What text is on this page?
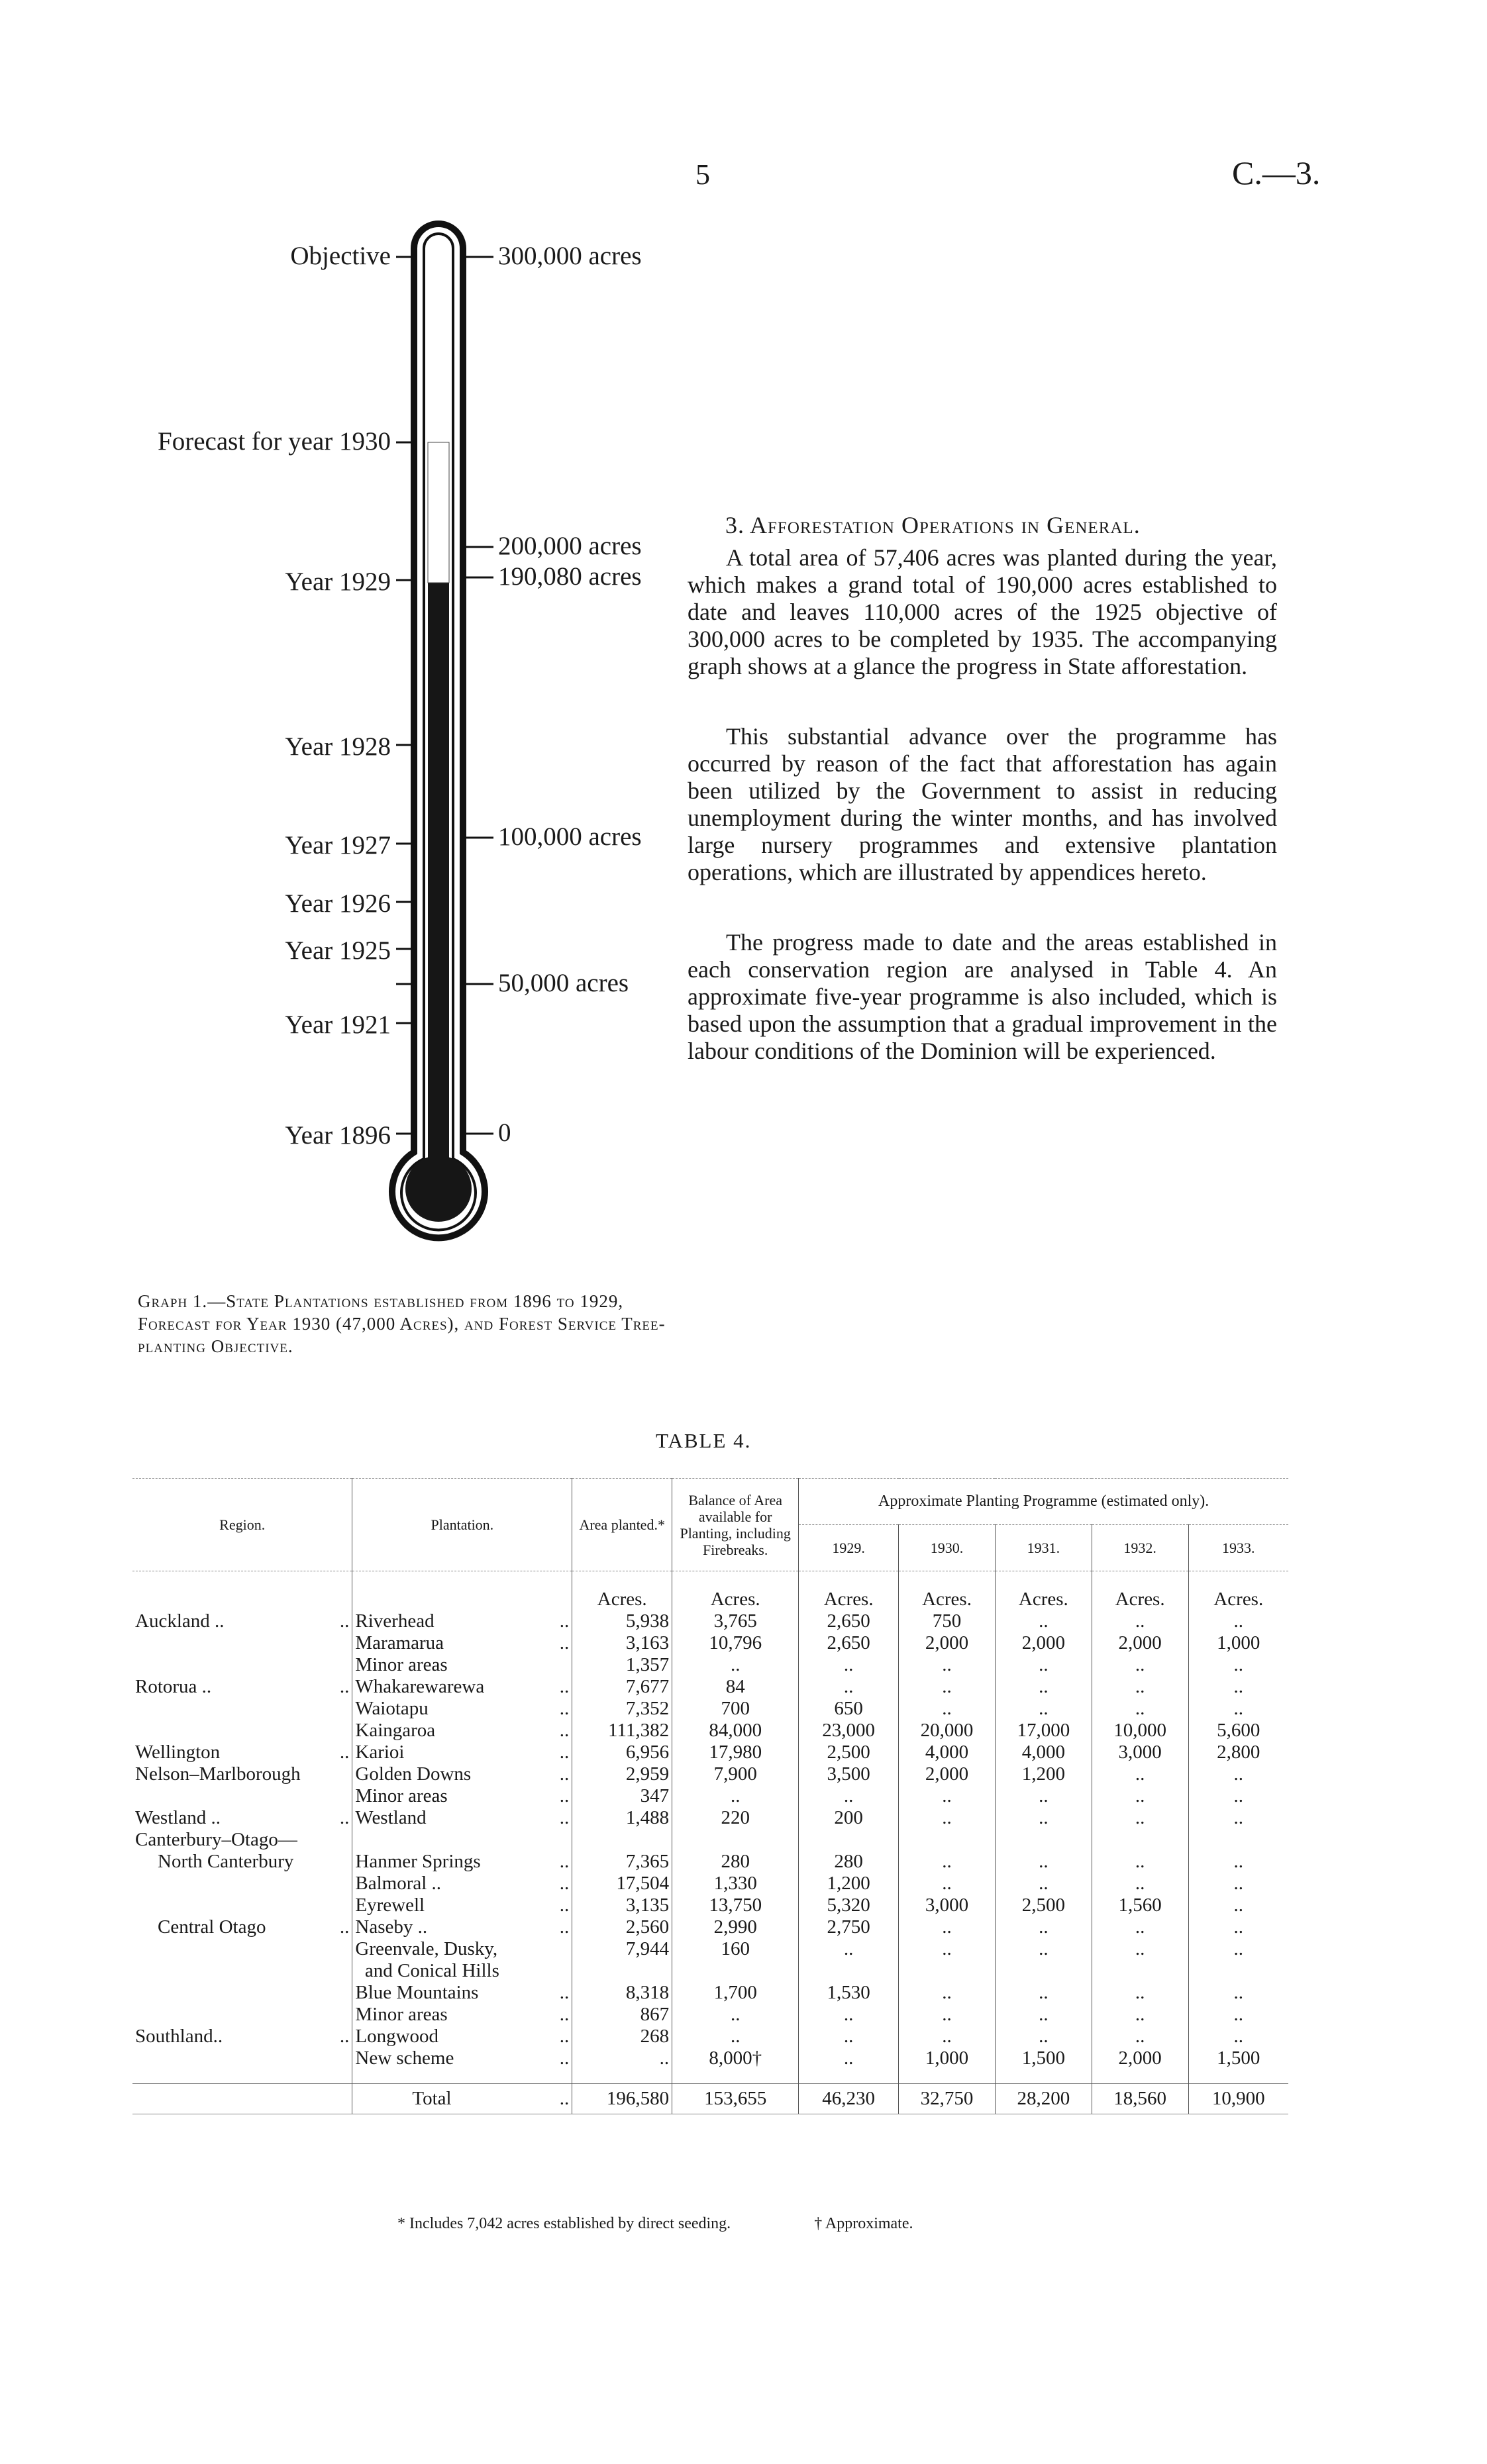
5	C.—3.
Objective
Forecast for year 1930
Year 1929
Year 1928
Year 1927
Year 1926
Year 1925
Year 1921
Year 1896
300,000 acres
200,000 acres
190,080 acres
100,000 acres
50,000 acres
0
Graph 1.—State Plantations established from 1896 to 1929, Forecast for Year 1930 (47,000 Acres), and Forest Service Tree-planting Objective.
3. Afforestation Operations in General.
A total area of 57,406 acres was planted during the year, which makes a grand total of 190,000 acres established to date and leaves 110,000 acres of the 1925 objective of 300,000 acres to be completed by 1935. The accompanying graph shows at a glance the progress in State afforestation.
This substantial advance over the programme has occurred by reason of the fact that afforestation has again been utilized by the Government to assist in reducing unemployment during the winter months, and has involved large nursery programmes and extensive plantation operations, which are illustrated by appendices hereto.
The progress made to date and the areas established in each conservation region are analysed in Table 4. An approximate five-year programme is also included, which is based upon the assumption that a gradual improvement in the labour conditions of the Dominion will be experienced.
TABLE 4.
Region.	Plantation.	Area planted.*	Balance of Area available for Planting, including Firebreaks.	Approximate Planting Programme (estimated only).				
				1929.	1930.	1931.	1932.	1933.

		Acres.	Acres.	Acres.	Acres.	Acres.	Acres.	Acres.
Auckland .. ..	Riverhead ..	5,938	3,765	2,650	750	..	..	..

	Maramarua ..	3,163	10,796	2,650	2,000	2,000	2,000	1,000

	Minor areas	1,357	..	..	..	..	..	..
Rotorua .. ..	Whakarewarewa ..	7,677	84	..	..	..	..	..

	Waiotapu ..	7,352	700	650	..	..	..	..

	Kaingaroa ..	111,382	84,000	23,000	20,000	17,000	10,000	5,600
Wellington ..	Karioi ..	6,956	17,980	2,500	4,000	4,000	3,000	2,800
Nelson–Marlborough	Golden Downs ..	2,959	7,900	3,500	2,000	1,200	..	..

	Minor areas ..	347	..	..	..	..	..	..
Westland .. ..	Westland ..	1,488	220	200	..	..	..	..
Canterbury–Otago—

North Canterbury	Hanmer Springs ..	7,365	280	280	..	..	..	..

	Balmoral .. ..	17,504	1,330	1,200	..	..	..	..

	Eyrewell ..	3,135	13,750	5,320	3,000	2,500	1,560	..
Central Otago ..	Naseby .. ..	2,560	2,990	2,750	..	..	..	..

	Greenvale, Dusky,	7,944	160	..	..	..	..	..

	and Conical Hills

	Blue Mountains ..	8,318	1,700	1,530	..	..	..	..

	Minor areas ..	867	..	..	..	..	..	..
Southland.. ..	Longwood ..	268	..	..	..	..	..	..

	New scheme ..	..	8,000†	..	1,000	1,500	2,000	1,500

	Total ..	196,580	153,655	46,230	32,750	28,200	18,560	10,900
* Includes 7,042 acres established by direct seeding.	† Approximate.
